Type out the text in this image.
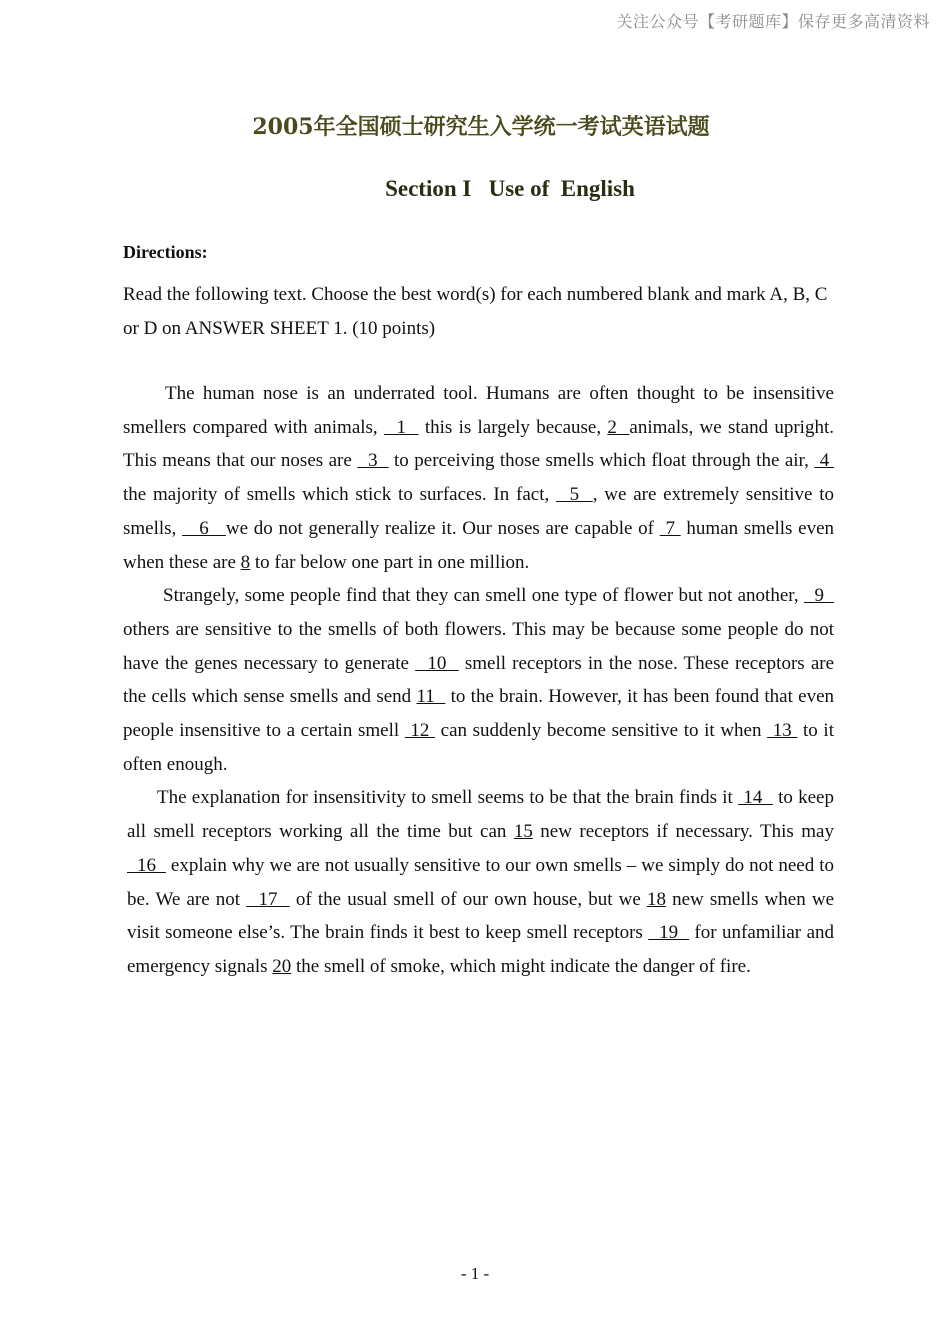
关注公众号【考研题库】保存更多高清资料
2005年全国硕士研究生入学统一考试英语试题
Section I   Use of  English
Directions:
Read the following text. Choose the best word(s) for each numbered blank and mark A, B, C or D on ANSWER SHEET 1. (10 points)

The human nose is an underrated tool. Humans are often thought to be insensitive smellers compared with animals,   1   this is largely because, 2  animals, we stand upright. This means that our noses are   3   to perceiving those smells which float through the air,  4  the majority of smells which stick to surfaces. In fact,   5  , we are extremely sensitive to smells,    6   we do not generally realize it. Our noses are capable of  7  human smells even when these are 8 to far below one part in one million.

Strangely, some people find that they can smell one type of flower but not another,   9   others are sensitive to the smells of both flowers. This may be because some people do not have the genes necessary to generate   10   smell receptors in the nose. These receptors are the cells which sense smells and send 11   to the brain. However, it has been found that even people insensitive to a certain smell  12  can suddenly become sensitive to it when  13  to it often enough.

The explanation for insensitivity to smell seems to be that the brain finds it  14   to keep all smell receptors working all the time but can 15 new receptors if necessary. This may   16   explain why we are not usually sensitive to our own smells – we simply do not need to be. We are not   17   of the usual smell of our own house, but we 18 new smells when we visit someone else’s. The brain finds it best to keep smell receptors   19   for unfamiliar and emergency signals 20 the smell of smoke, which might indicate the danger of fire.

- 1 -
